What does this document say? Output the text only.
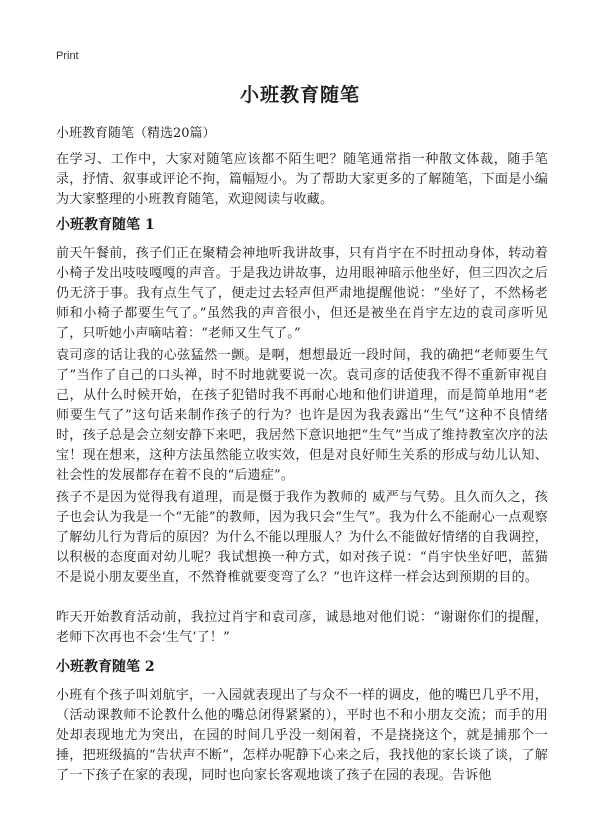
Print
小班教育随笔

小班教育随笔（精选20篇）

在学习、工作中，大家对随笔应该都不陌生吧？随笔通常指一种散文体裁，随手笔录，抒情、叙事或评论不拘，篇幅短小。为了帮助大家更多的了解随笔，下面是小编为大家整理的小班教育随笔，欢迎阅读与收藏。

小班教育随笔 1

前天午餐前，孩子们正在聚精会神地听我讲故事，只有肖宇在不时扭动身体，转动着小椅子发出吱吱嘎嘎的声音。于是我边讲故事，边用眼神暗示他坐好，但三四次之后仍无济于事。我有点生气了，便走过去轻声但严肃地提醒他说：“坐好了，不然杨老师和小椅子都要生气了。”虽然我的声音很小，但还是被坐在肖宇左边的袁司彦听见了，只听她小声嘀咕着：“老师又生气了。”

袁司彦的话让我的心弦猛然一颤。是啊，想想最近一段时间，我的确把“老师要生气了”当作了自己的口头禅，时不时地就要说一次。袁司彦的话使我不得不重新审视自己，从什么时候开始，在孩子犯错时我不再耐心地和他们讲道理，而是简单地用“老师要生气了”这句话来制作孩子的行为？也许是因为我表露出“生气”这种不良情绪时，孩子总是会立刻安静下来吧，我居然下意识地把“生气”当成了维持教室次序的法宝！现在想来，这种方法虽然能立收实效，但是对良好师生关系的形成与幼儿认知、社会性的发展都存在着不良的“后遗症”。

孩子不是因为觉得我有道理，而是慑于我作为教师的 威严与气势。且久而久之，孩子也会认为我是一个“无能”的教师，因为我只会“生气”。我为什么不能耐心一点观察了解幼儿行为背后的原因？为什么不能以理服人？为什么不能做好情绪的自我调控，以积极的态度面对幼儿呢？我试想换一种方式，如对孩子说：“肖宇快坐好吧，蓝猫不是说小朋友要坐直，不然脊椎就要变弯了么？”也许这样一样会达到预期的目的。

昨天开始教育活动前，我拉过肖宇和袁司彦，诚恳地对他们说：“谢谢你们的提醒，老师下次再也不会‘生气’了！”

小班教育随笔 2

小班有个孩子叫刘航宇，一入园就表现出了与众不一样的调皮，他的嘴巴几乎不用，（活动课教师不论教什么他的嘴总闭得紧紧的），平时也不和小朋友交流；而手的用处却表现地尤为突出，在园的时间几乎没一刻闲着，不是挠挠这个，就是捕那个一捶，把班级搞的“告状声不断”，怎样办呢静下心来之后，我找他的家长谈了谈，了解了一下孩子在家的表现，同时也向家长客观地谈了孩子在园的表现。告诉他
